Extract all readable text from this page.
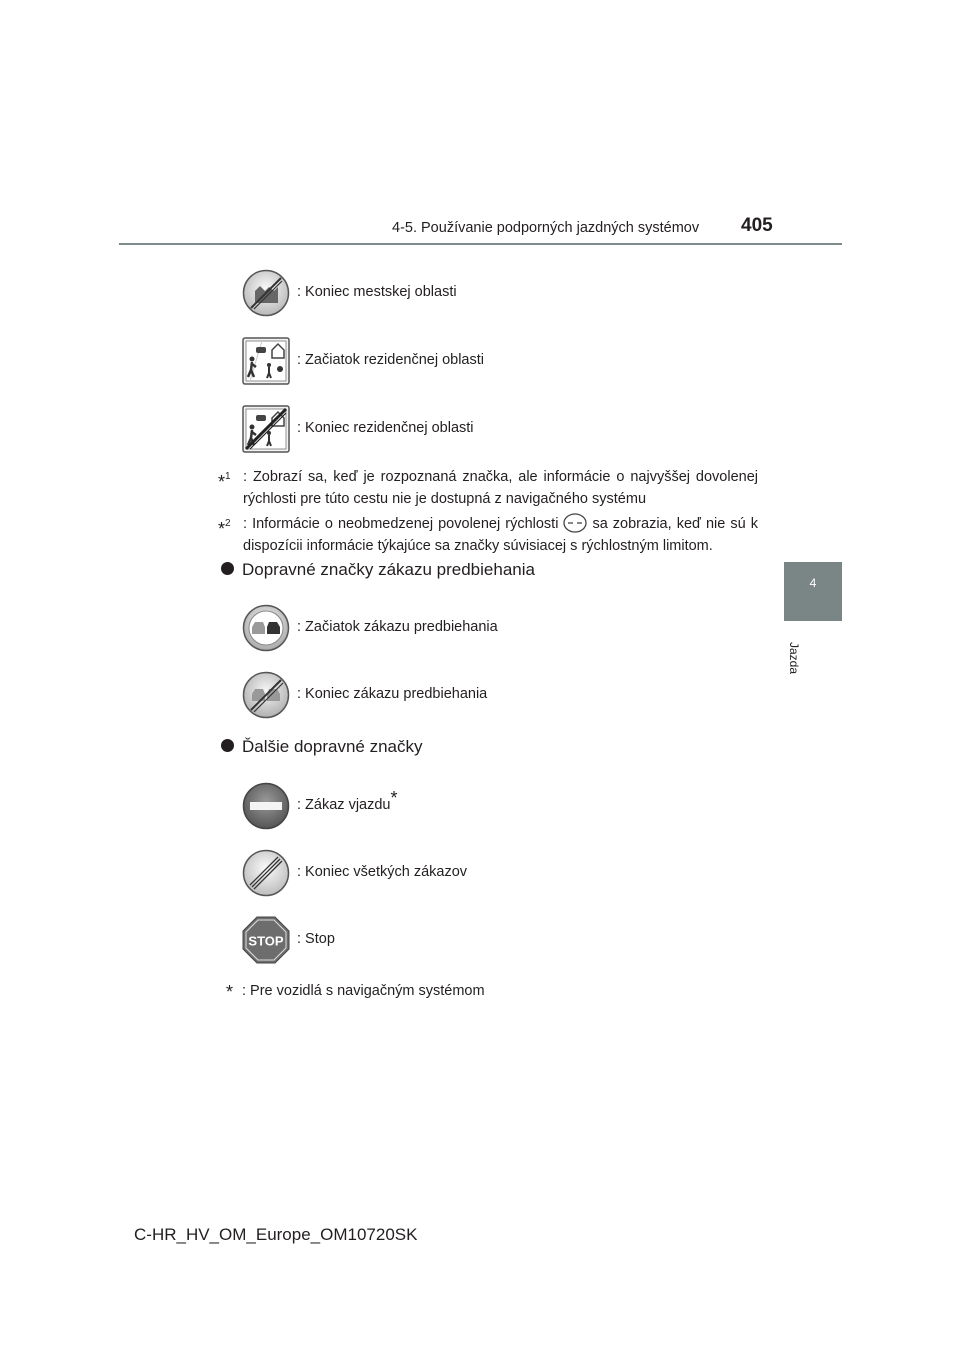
4-5. Používanie podporných jazdných systémov 405
4
Jazda
: Koniec mestskej oblasti
: Začiatok rezidenčnej oblasti
: Koniec rezidenčnej oblasti
*$^1$ : Zobrazí sa, keď je rozpoznaná značka, ale informácie o najvyššej dovolenej rýchlosti pre túto cestu nie je dostupná z navigačného systému
*$^2$ : Informácie o neobmedzenej povolenej rýchlosti sa zobrazia, keď nie sú k dispozícii informácie týkajúce sa značky súvisiacej s rýchlostným limitom.
Dopravné značky zákazu predbiehania
: Začiatok zákazu predbiehania
: Koniec zákazu predbiehania
Ďalšie dopravné značky
: Zákaz vjazdu*
: Koniec všetkých zákazov
STOP : Stop
* : Pre vozidlá s navigačným systémom
C-HR_HV_OM_Europe_OM10720SK
